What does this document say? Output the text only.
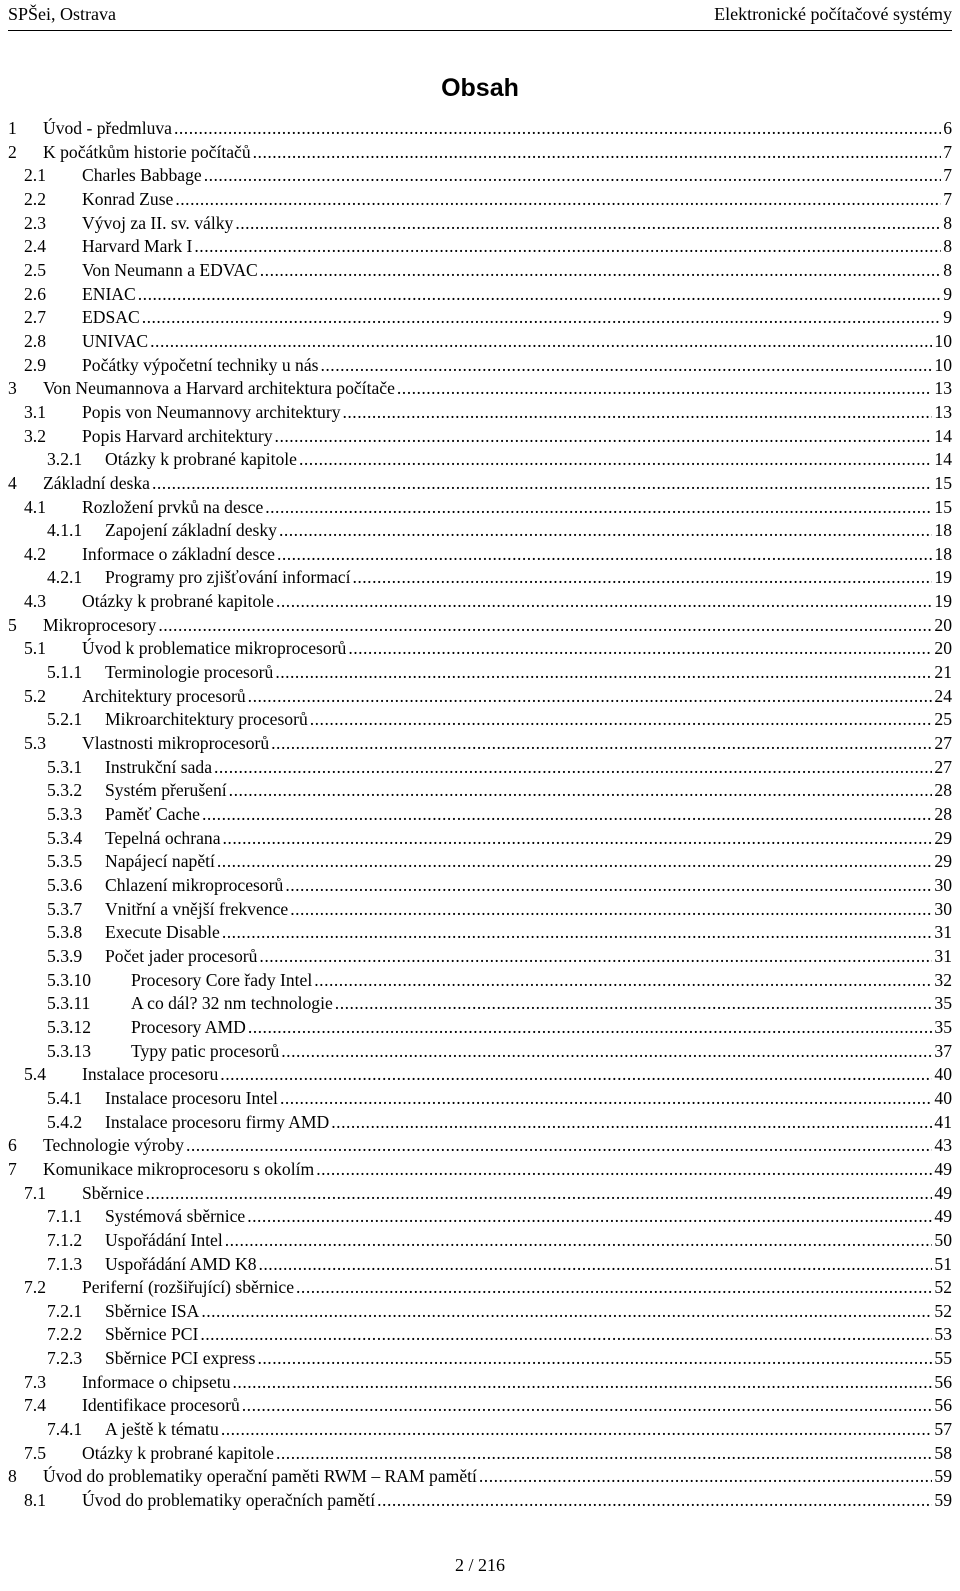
SPŠei, Ostrava	Elektronické počítačové systémy
Obsah
1	Úvod - předmluva .....	6
2	K počátkům historie počítačů .....	7
2.1	Charles Babbage .....	7
2.2	Konrad Zuse .....	7
2.3	Vývoj za II. sv. války .....	8
2.4	Harvard Mark I .....	8
2.5	Von Neumann a EDVAC .....	8
2.6	ENIAC .....	9
2.7	EDSAC .....	9
2.8	UNIVAC .....	10
2.9	Počátky výpočetní techniky u nás .....	10
3	Von Neumannova a Harvard architektura počítače .....	13
3.1	Popis von Neumannovy architektury .....	13
3.2	Popis Harvard architektury .....	14
3.2.1	Otázky k probrané kapitole .....	14
4	Základní deska .....	15
4.1	Rozložení prvků na desce .....	15
4.1.1	Zapojení základní desky .....	18
4.2	Informace o základní desce .....	18
4.2.1	Programy pro zjišťování informací .....	19
4.3	Otázky k probrané kapitole .....	19
5	Mikroprocesory .....	20
5.1	Úvod k problematice mikroprocesorů .....	20
5.1.1	Terminologie procesorů .....	21
5.2	Architektury procesorů .....	24
5.2.1	Mikroarchitektury procesorů .....	25
5.3	Vlastnosti mikroprocesorů .....	27
5.3.1	Instrukční sada .....	27
5.3.2	Systém přerušení .....	28
5.3.3	Paměť Cache .....	28
5.3.4	Tepelná ochrana .....	29
5.3.5	Napájecí napětí .....	29
5.3.6	Chlazení mikroprocesorů .....	30
5.3.7	Vnitřní a vnější frekvence .....	30
5.3.8	Execute Disable .....	31
5.3.9	Počet jader procesorů .....	31
5.3.10	Procesory Core řady Intel .....	32
5.3.11	A co dál? 32 nm technologie .....	35
5.3.12	Procesory AMD .....	35
5.3.13	Typy patic procesorů .....	37
5.4	Instalace procesoru .....	40
5.4.1	Instalace procesoru Intel .....	40
5.4.2	Instalace procesoru firmy AMD .....	41
6	Technologie výroby .....	43
7	Komunikace mikroprocesoru s okolím .....	49
7.1	Sběrnice .....	49
7.1.1	Systémová sběrnice .....	49
7.1.2	Uspořádání Intel .....	50
7.1.3	Uspořádání AMD K8 .....	51
7.2	Periferní (rozšiřující) sběrnice .....	52
7.2.1	Sběrnice ISA .....	52
7.2.2	Sběrnice PCI .....	53
7.2.3	Sběrnice PCI express .....	55
7.3	Informace o chipsetu .....	56
7.4	Identifikace procesorů .....	56
7.4.1	A ještě k tématu .....	57
7.5	Otázky k probrané kapitole .....	58
8	Úvod do problematiky operační paměti RWM – RAM pamětí .....	59
8.1	Úvod do problematiky operačních pamětí .....	59
2 / 216
